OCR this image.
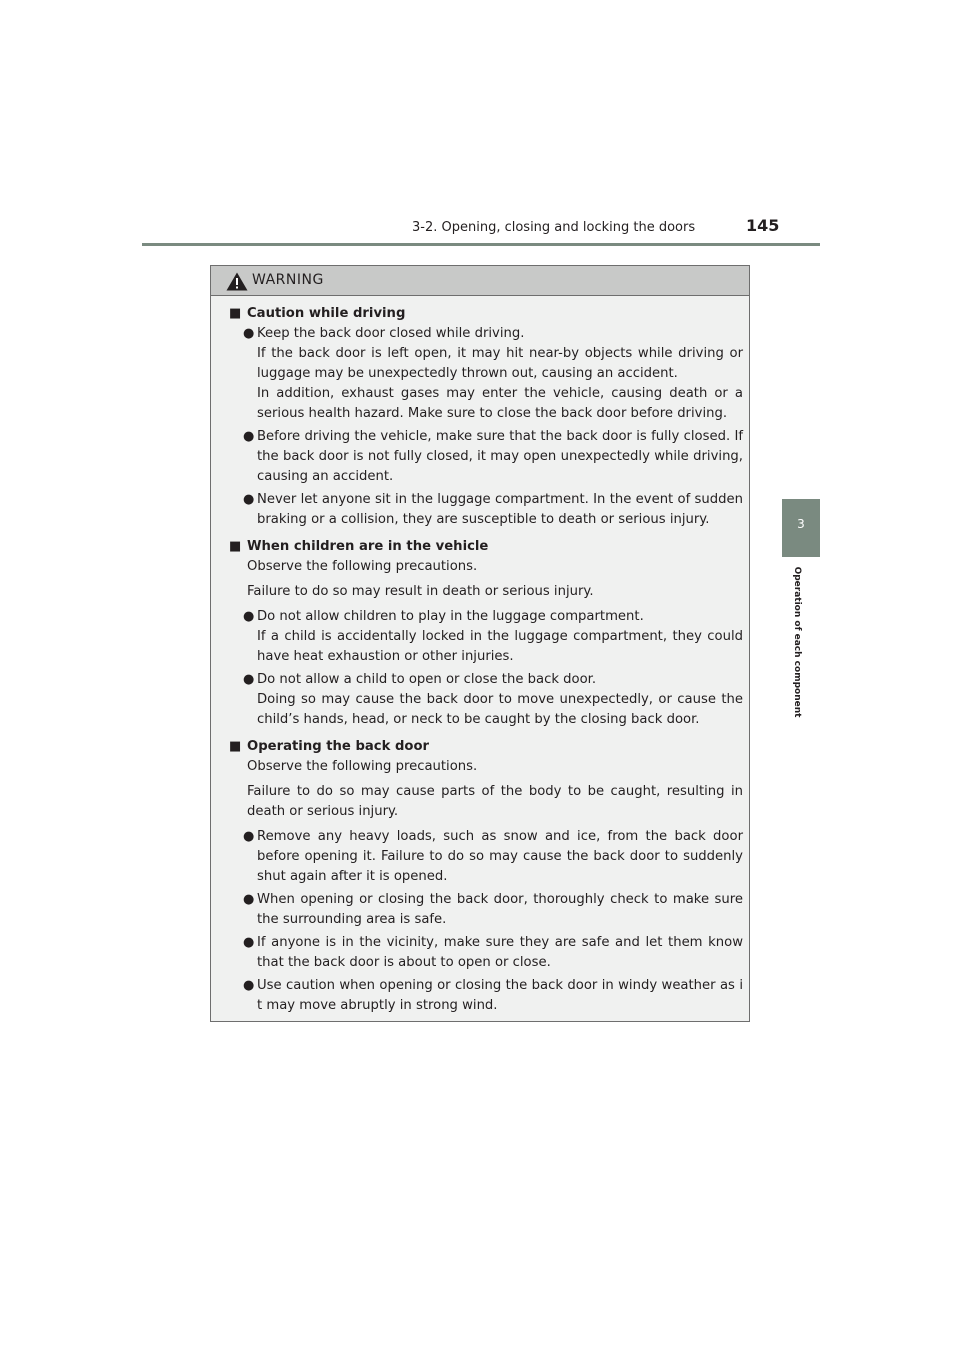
3-2. Opening, closing and locking the doors	145
3
Operation of each component
WARNING
■ Caution while driving
● Keep the back door closed while driving.

If the back door is left open, it may hit near-by objects while driving or luggage may be unexpectedly thrown out, causing an accident.

In addition, exhaust gases may enter the vehicle, causing death or a serious health hazard. Make sure to close the back door before driving.

● Before driving the vehicle, make sure that the back door is fully closed. If the back door is not fully closed, it may open unexpectedly while driving, causing an accident.

● Never let anyone sit in the luggage compartment. In the event of sudden braking or a collision, they are susceptible to death or serious injury.

■ When children are in the vehicle
Observe the following precautions.
Failure to do so may result in death or serious injury.
● Do not allow children to play in the luggage compartment.

If a child is accidentally locked in the luggage compartment, they could have heat exhaustion or other injuries.

● Do not allow a child to open or close the back door.

Doing so may cause the back door to move unexpectedly, or cause the child’s hands, head, or neck to be caught by the closing back door.

■ Operating the back door
Observe the following precautions.
Failure to do so may cause parts of the body to be caught, resulting in death or serious injury.
● Remove any heavy loads, such as snow and ice, from the back door before opening it. Failure to do so may cause the back door to suddenly shut again after it is opened.

● When opening or closing the back door, thoroughly check to make sure the surrounding area is safe.

● If anyone is in the vicinity, make sure they are safe and let them know that the back door is about to open or close.

● Use caution when opening or closing the back door in windy weather as i t may move abruptly in strong wind.
